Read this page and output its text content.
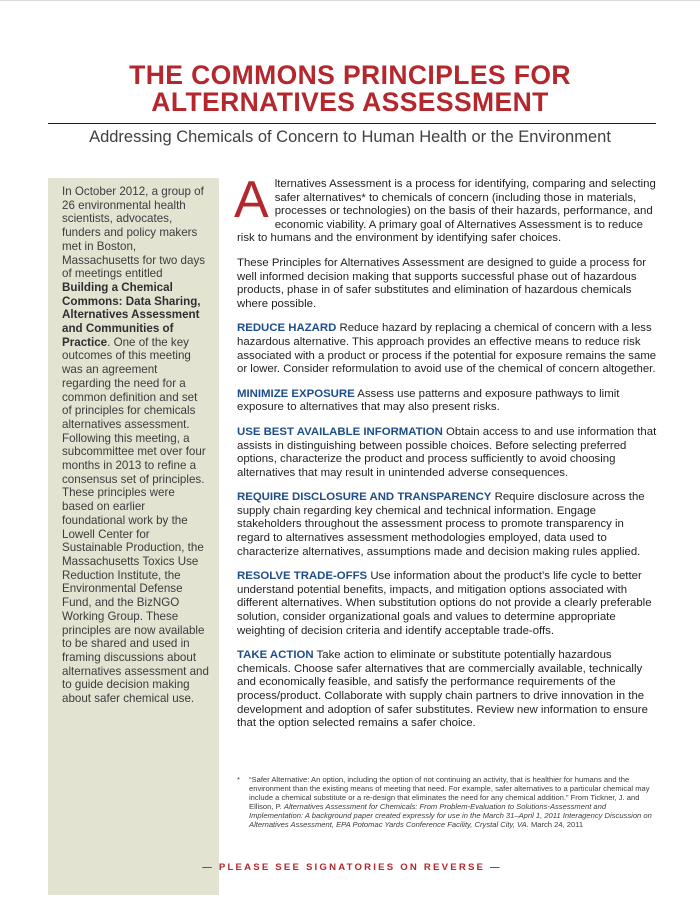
THE COMMONS PRINCIPLES FOR
ALTERNATIVES ASSESSMENT
Addressing Chemicals of Concern to Human Health or the Environment
In October 2012, a group of 26 environmental health scientists, advocates, funders and policy makers met in Boston, Massachusetts for two days of meetings entitled Building a Chemical Commons: Data Sharing, Alternatives Assessment and Communities of Practice. One of the key outcomes of this meeting was an agreement regarding the need for a common definition and set of principles for chemicals alternatives assessment. Following this meeting, a subcommittee met over four months in 2013 to refine a consensus set of principles. These principles were based on earlier foundational work by the Lowell Center for Sustainable Production, the Massachusetts Toxics Use Reduction Institute, the Environmental Defense Fund, and the BizNGO Working Group. These principles are now available to be shared and used in framing discussions about alternatives assessment and to guide decision making about safer chemical use.

Alternatives Assessment is a process for identifying, comparing and selecting safer alternatives* to chemicals of concern (including those in materials, processes or technologies) on the basis of their hazards, performance, and economic viability. A primary goal of Alternatives Assessment is to reduce risk to humans and the environment by identifying safer choices.

These Principles for Alternatives Assessment are designed to guide a process for well informed decision making that supports successful phase out of hazardous products, phase in of safer substitutes and elimination of hazardous chemicals where possible.

REDUCE HAZARD Reduce hazard by replacing a chemical of concern with a less hazardous alternative. This approach provides an effective means to reduce risk associated with a product or process if the potential for exposure remains the same or lower. Consider reformulation to avoid use of the chemical of concern altogether.

MINIMIZE EXPOSURE Assess use patterns and exposure pathways to limit exposure to alternatives that may also present risks.

USE BEST AVAILABLE INFORMATION Obtain access to and use information that assists in distinguishing between possible choices. Before selecting preferred options, characterize the product and process sufficiently to avoid choosing alternatives that may result in unintended adverse consequences.

REQUIRE DISCLOSURE AND TRANSPARENCY Require disclosure across the supply chain regarding key chemical and technical information. Engage stakeholders throughout the assessment process to promote transparency in regard to alternatives assessment methodologies employed, data used to characterize alternatives, assumptions made and decision making rules applied.

RESOLVE TRADE-OFFS Use information about the product’s life cycle to better understand potential benefits, impacts, and mitigation options associated with different alternatives. When substitution options do not provide a clearly preferable solution, consider organizational goals and values to determine appropriate weighting of decision criteria and identify acceptable trade-offs.

TAKE ACTION Take action to eliminate or substitute potentially hazardous chemicals. Choose safer alternatives that are commercially available, technically and economically feasible, and satisfy the performance requirements of the process/product. Collaborate with supply chain partners to drive innovation in the development and adoption of safer substitutes. Review new information to ensure that the option selected remains a safer choice.

*	“Safer Alternative: An option, including the option of not continuing an activity, that is healthier for humans and the environment than the existing means of meeting that need. For example, safer alternatives to a particular chemical may include a chemical substitute or a re-design that eliminates the need for any chemical addition.” From Tickner, J. and Ellison, P. Alternatives Assessment for Chemicals: From Problem-Evaluation to Solutions-Assessment and Implementation: A background paper created expressly for use in the March 31–April 1, 2011 Interagency Discussion on Alternatives Assessment, EPA Potomac Yards Conference Facility, Crystal City, VA. March 24, 2011
— PLEASE SEE SIGNATORIES ON REVERSE —
